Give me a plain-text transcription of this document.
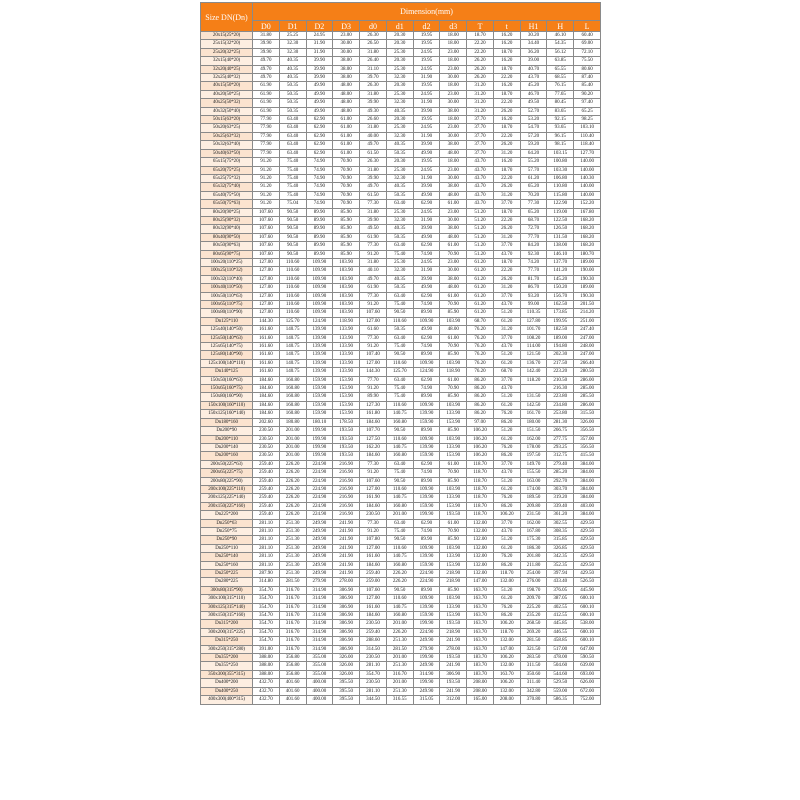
Size DN(Dn)	Dimension(mm)												
	D0	D1	D2	D3	d0	d1	d2	d3	T	t	H1	H	L
20x15(25*20)	31.80	25.25	24.95	23.00	26.30	20.30	19.95	18.00	18.70	16.20	30.20	46.10	60.40
25x15(32*20)	39.90	32.30	31.90	30.00	26.50	20.30	19.95	18.00	22.20	16.20	34.40	54.35	69.00
25x20(32*25)	39.90	32.30	31.90	30.00	31.80	25.30	24.95	23.00	22.20	18.70	36.20	56.12	72.10
32x15(40*20)	49.70	40.35	39.90	38.00	26.40	20.30	19.95	18.00	26.20	16.20	39.00	63.85	75.50
32x20(40*25)	49.70	40.35	39.90	38.00	31.10	25.30	24.95	23.00	26.20	18.70	40.70	65.55	80.60
32x25(40*32)	49.70	40.35	39.90	38.00	39.70	32.30	31.90	30.00	26.20	22.20	43.70	68.55	87.40
40x15(50*20)	61.90	50.35	49.90	48.00	26.30	20.30	19.95	18.00	31.20	16.20	45.20	76.15	85.40
40x20(50*25)	61.90	50.35	49.90	48.00	31.80	25.30	24.95	23.00	31.20	18.70	46.70	77.65	90.20
40x25(50*32)	61.90	50.35	49.90	48.00	39.90	32.30	31.90	30.00	31.20	22.20	49.50	80.45	97.40
40x32(50*40)	61.90	50.35	49.90	48.00	49.30	40.35	39.90	38.00	31.20	26.20	52.70	83.65	65.25
50x15(63*20)	77.90	63.40	62.90	61.00	26.60	20.30	19.95	18.00	37.70	16.20	53.20	92.15	98.25
50x20(63*25)	77.90	63.40	62.90	61.00	31.80	25.30	24.95	23.00	37.70	18.70	54.70	93.65	103.10
50x25(63*32)	77.90	63.40	62.90	61.00	40.00	32.30	31.90	30.00	37.70	22.20	57.20	96.15	110.40
50x32(63*40)	77.90	63.40	62.90	61.00	49.70	40.35	39.90	38.00	37.70	26.20	59.20	98.15	118.40
50x40(63*50)	77.90	63.40	62.90	61.00	61.50	50.35	49.90	48.00	37.70	31.20	64.20	103.15	127.70
65x15(75*20)	91.20	75.40	74.90	70.90	26.30	20.30	19.95	18.00	43.70	16.20	55.20	100.80	140.00
65x20(75*25)	91.20	75.40	74.90	70.90	31.80	25.30	24.95	23.00	43.70	18.70	57.70	103.30	140.00
65x25(75*32)	91.20	75.40	74.90	70.90	39.90	32.30	31.90	30.00	43.70	22.20	61.20	106.80	140.30
65x32(75*40)	91.20	75.40	74.90	70.90	49.70	40.35	39.90	38.00	43.70	26.20	65.20	110.80	140.00
65x40(75*50)	91.20	75.40	74.90	70.90	61.50	50.35	49.90	48.00	43.70	31.20	70.20	115.80	140.00
65x50(75*63)	91.20	75.04	74.90	70.90	77.30	63.40	62.90	61.00	43.70	37.70	77.30	122.90	152.20
80x20(90*25)	107.60	90.50	89.90	85.90	31.80	25.30	24.95	23.00	51.20	18.70	65.20	119.00	167.80
80x25(90*32)	107.60	90.50	89.90	85.90	39.90	32.30	31.90	30.00	51.20	22.20	68.70	122.50	168.20
80x32(90*40)	107.60	90.50	89.90	85.90	49.50	40.35	39.90	38.00	51.20	26.20	72.70	126.50	168.20
80x40(90*50)	107.60	90.50	89.90	85.90	61.90	50.35	49.90	48.00	51.20	31.20	77.70	131.50	168.20
80x50(90*63)	107.60	90.50	89.90	85.90	77.30	63.40	62.90	61.00	51.20	37.70	84.20	138.00	168.20
80x65(90*75)	107.60	90.50	89.90	85.90	91.20	75.40	74.90	70.90	51.20	43.70	92.30	146.10	180.70
100x20(110*25)	127.00	110.60	109.90	103.90	31.80	25.30	24.95	23.00	61.20	18.70	74.20	137.70	189.00
100x25(110*32)	127.00	110.60	109.90	103.90	40.10	32.30	31.90	30.00	61.20	22.20	77.70	141.20	190.00
100x32(110*40)	127.00	110.60	109.90	103.90	49.70	40.35	39.90	38.00	61.20	26.20	81.70	145.20	190.30
100x40(110*50)	127.00	110.60	109.90	103.90	61.90	50.35	49.90	48.00	61.20	31.20	86.70	150.20	189.00
100x50(110*63)	127.00	110.60	109.90	103.90	77.30	63.40	62.90	61.00	61.20	37.70	93.20	156.70	190.30
100x65(110*75)	127.00	110.60	109.90	103.90	91.20	75.40	74.90	70.90	61.20	43.70	99.00	162.50	201.50
100x80(110*90)	127.00	110.60	109.90	103.90	107.60	90.50	89.90	85.90	61.20	51.20	110.35	173.85	214.20
Dn125*110	144.30	125.70	124.90	118.90	127.00	110.60	109.90	103.90	68.70	61.20	127.80	199.95	251.00
125x40(140*50)	161.60	140.75	139.90	133.90	61.60	50.35	49.90	48.00	76.20	31.20	101.70	182.50	247.40
125x50(140*63)	161.60	140.75	139.90	133.90	77.30	63.40	62.90	61.00	76.20	37.70	108.20	189.00	247.00
125x65(140*75)	161.60	140.75	139.90	133.90	91.20	75.40	74.90	70.90	76.20	43.70	114.00	194.80	248.00
125x80(140*90)	161.60	140.75	139.90	133.90	107.40	90.50	89.90	85.90	76.20	51.20	121.50	202.30	247.00
125x100(140*110)	161.60	140.75	139.90	133.90	127.00	110.60	109.90	103.90	76.20	61.20	136.70	217.50	266.40
Dn140*125	161.60	140.75	139.90	133.90	144.30	125.70	124.90	118.90	76.20	68.70	142.40	223.20	280.50
150x50(160*63)	184.60	160.80	159.90	153.90	77.70	63.40	62.90	61.00	86.20	37.70	118.20	210.50	286.00
150x65(160*75)	184.60	160.80	159.90	153.90	91.20	75.40	74.90	70.90	86.20	43.70		216.30	285.00
150x80(160*90)	184.60	160.80	159.90	153.90	89.90	75.40	89.90	85.90	86.20	51.20	131.50	223.80	285.50
150x100(160*110)	184.60	160.80	159.90	153.90	127.30	110.60	109.90	103.90	86.20	61.20	142.50	234.80	286.00
150x125(160*140)	184.60	160.80	159.90	153.90	161.80	140.75	139.90	133.90	86.20	76.20	161.70	253.80	315.50
Dn180*160	202.60	180.80	180.10	178.50	184.60	160.80	159.90	153.90	97.00	86.20	180.00	281.30	326.00
Dn200*90	230.50	201.00	199.90	193.50	107.70	90.50	89.90	85.90	106.20	51.20	151.50	266.75	356.50
Dn200*110	230.50	201.00	199.90	193.50	127.50	110.60	109.90	103.90	106.20	61.20	162.00	277.75	357.00
Dn200*140	230.50	201.00	199.90	193.50	162.20	140.75	139.90	133.90	106.20	76.20	178.00	293.25	356.50
Dn200*160	230.50	201.00	199.90	193.50	184.60	160.80	159.90	153.90	106.20	86.20	197.50	312.75	415.50
200x50(225*63)	259.40	226.20	224.90	216.90	77.30	63.40	62.90	61.00	118.70	37.70	149.70	279.40	384.00
200x65(225*75)	259.40	226.20	224.90	216.90	91.20	75.40	74.90	70.90	118.70	43.70	155.50	285.20	384.00
200x80(225*90)	259.40	226.20	224.90	216.90	107.60	90.50	89.90	85.90	118.70	51.20	163.00	292.70	384.00
200x100(225*110)	259.40	226.20	224.90	216.90	127.00	110.60	109.90	103.90	118.70	61.20	174.00	303.70	384.00
200x125(225*140)	259.40	226.20	224.90	216.90	161.90	140.75	139.90	133.90	118.70	76.20	189.50	319.20	384.00
200x150(225*160)	259.40	226.20	224.90	216.90	184.60	160.80	159.90	153.90	118.70	86.20	209.80	339.40	403.00
Dn225*200	259.40	226.20	224.90	216.90	230.50	201.00	199.90	193.50	118.70	106.20	231.50	361.20	384.00
Dn250*63	281.10	251.30	249.90	241.90	77.30	63.40	62.90	61.00	132.00	37.70	162.00	302.55	429.50
Dn250*75	281.10	251.30	249.90	241.90	91.20	75.40	74.90	70.90	132.00	43.70	167.80	308.35	429.50
Dn250*90	281.10	251.30	249.90	241.90	107.80	90.50	89.90	85.90	132.00	51.20	175.30	315.85	429.50
Dn250*110	281.10	251.30	249.90	241.90	127.00	110.60	109.90	103.90	132.00	61.20	186.30	326.85	429.50
Dn250*140	281.10	251.30	249.90	241.90	161.60	140.75	139.90	133.90	132.00	76.20	201.80	342.35	429.50
Dn250*160	281.10	251.30	249.90	241.90	184.60	160.80	159.90	153.90	132.00	86.20	211.80	352.35	429.50
Dn250*225	287.90	251.30	249.90	241.90	259.40	226.20	224.90	218.90	132.00	118.70	254.00	397.94	429.50
Dn280*225	314.80	281.50	279.90	278.00	259.00	226.20	224.90	218.90	147.00	132.00	276.00	433.40	526.50
300x80(315*90)	354.70	316.70	314.90	306.90	107.60	90.50	89.90	85.90	163.70	51.20	198.70	376.05	445.90
300x100(315*110)	354.70	316.70	314.90	306.90	127.00	110.60	109.90	103.90	163.70	61.20	209.70	387.05	600.10
300x125(315*140)	354.70	316.70	314.90	306.90	161.60	140.75	139.90	133.90	163.70	76.20	225.20	402.55	600.10
300x150(315*160)	354.70	316.70	314.90	306.90	184.60	160.80	159.90	153.90	163.70	86.20	235.20	412.55	600.10
Dn315*200	354.70	316.70	314.90	306.90	230.50	201.00	199.90	193.50	163.70	106.20	268.50	445.85	538.00
300x200(315*225)	354.70	316.70	314.90	306.90	259.40	226.20	224.90	218.90	163.70	118.70	269.20	446.55	600.10
Dn315*250	354.70	316.70	314.90	306.90	288.60	251.30	249.90	241.90	163.70	132.00	281.50	458.85	600.10
300x250(315*280)	391.00	316.70	314.90	306.90	314.50	281.50	279.90	278.00	163.70	147.00	321.50	517.00	647.00
Dn355*200	388.00	356.80	355.00	326.00	230.50	201.00	199.90	193.50	183.70	106.20	283.50	478.00	590.50
Dn355*250	388.00	356.80	355.00	326.00	281.10	251.30	249.90	241.90	183.70	132.00	311.50	504.60	639.00
350x300(355*315)	388.00	356.80	355.00	326.00	354.70	316.70	314.90	306.90	183.70	163.70	350.60	544.60	693.00
Dn400*200	432.70	401.60	400.00	395.50	230.50	201.00	199.90	193.50	208.00	106.20	311.40	529.50	626.00
Dn400*250	432.70	401.60	400.00	395.50	281.10	251.30	249.90	241.90	208.00	132.00	342.80	559.00	672.00
400x300(400*315)	432.70	401.60	400.00	395.50	344.50	316.55	315.05	312.00	165.00	208.00	370.80	586.35	752.00
